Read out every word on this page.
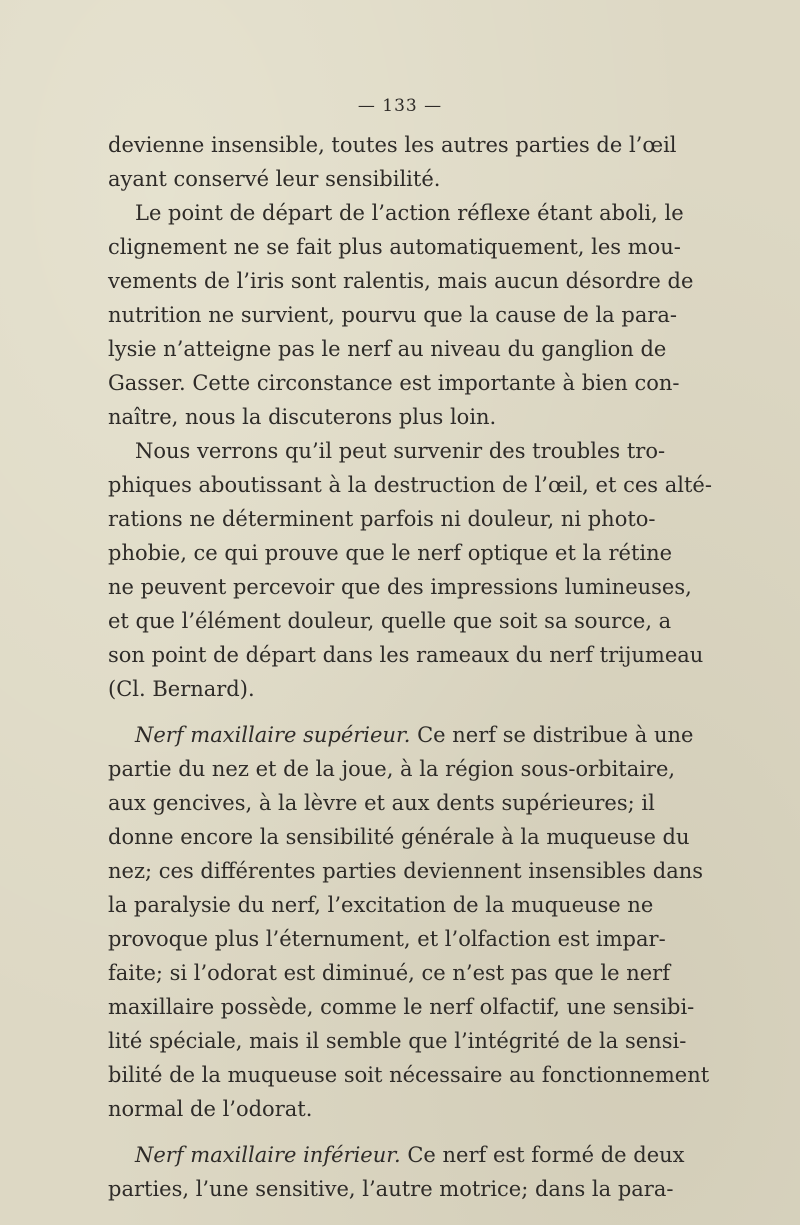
— 133 —
devienne insensible, toutes les autres parties de l’œil
ayant conservé leur sensibilité.
Le point de départ de l’action réflexe étant aboli, le
clignement ne se fait plus automatiquement, les mou-
vements de l’iris sont ralentis, mais aucun désordre de
nutrition ne survient, pourvu que la cause de la para-
lysie n’atteigne pas le nerf au niveau du ganglion de
Gasser. Cette circonstance est importante à bien con-
naître, nous la discuterons plus loin.
Nous verrons qu’il peut survenir des troubles tro-
phiques aboutissant à la destruction de l’œil, et ces alté-
rations ne déterminent parfois ni douleur, ni photo-
phobie, ce qui prouve que le nerf optique et la rétine
ne peuvent percevoir que des impressions lumineuses,
et que l’élément douleur, quelle que soit sa source, a
son point de départ dans les rameaux du nerf trijumeau
(Cl. Bernard).
Nerf maxillaire supérieur. Ce nerf se distribue à une
partie du nez et de la joue, à la région sous-orbitaire,
aux gencives, à la lèvre et aux dents supérieures; il
donne encore la sensibilité générale à la muqueuse du
nez; ces différentes parties deviennent insensibles dans
la paralysie du nerf, l’excitation de la muqueuse ne
provoque plus l’éternument, et l’olfaction est impar-
faite; si l’odorat est diminué, ce n’est pas que le nerf
maxillaire possède, comme le nerf olfactif, une sensibi-
lité spéciale, mais il semble que l’intégrité de la sensi-
bilité de la muqueuse soit nécessaire au fonctionnement
normal de l’odorat.
Nerf maxillaire inférieur. Ce nerf est formé de deux
parties, l’une sensitive, l’autre motrice; dans la para-
